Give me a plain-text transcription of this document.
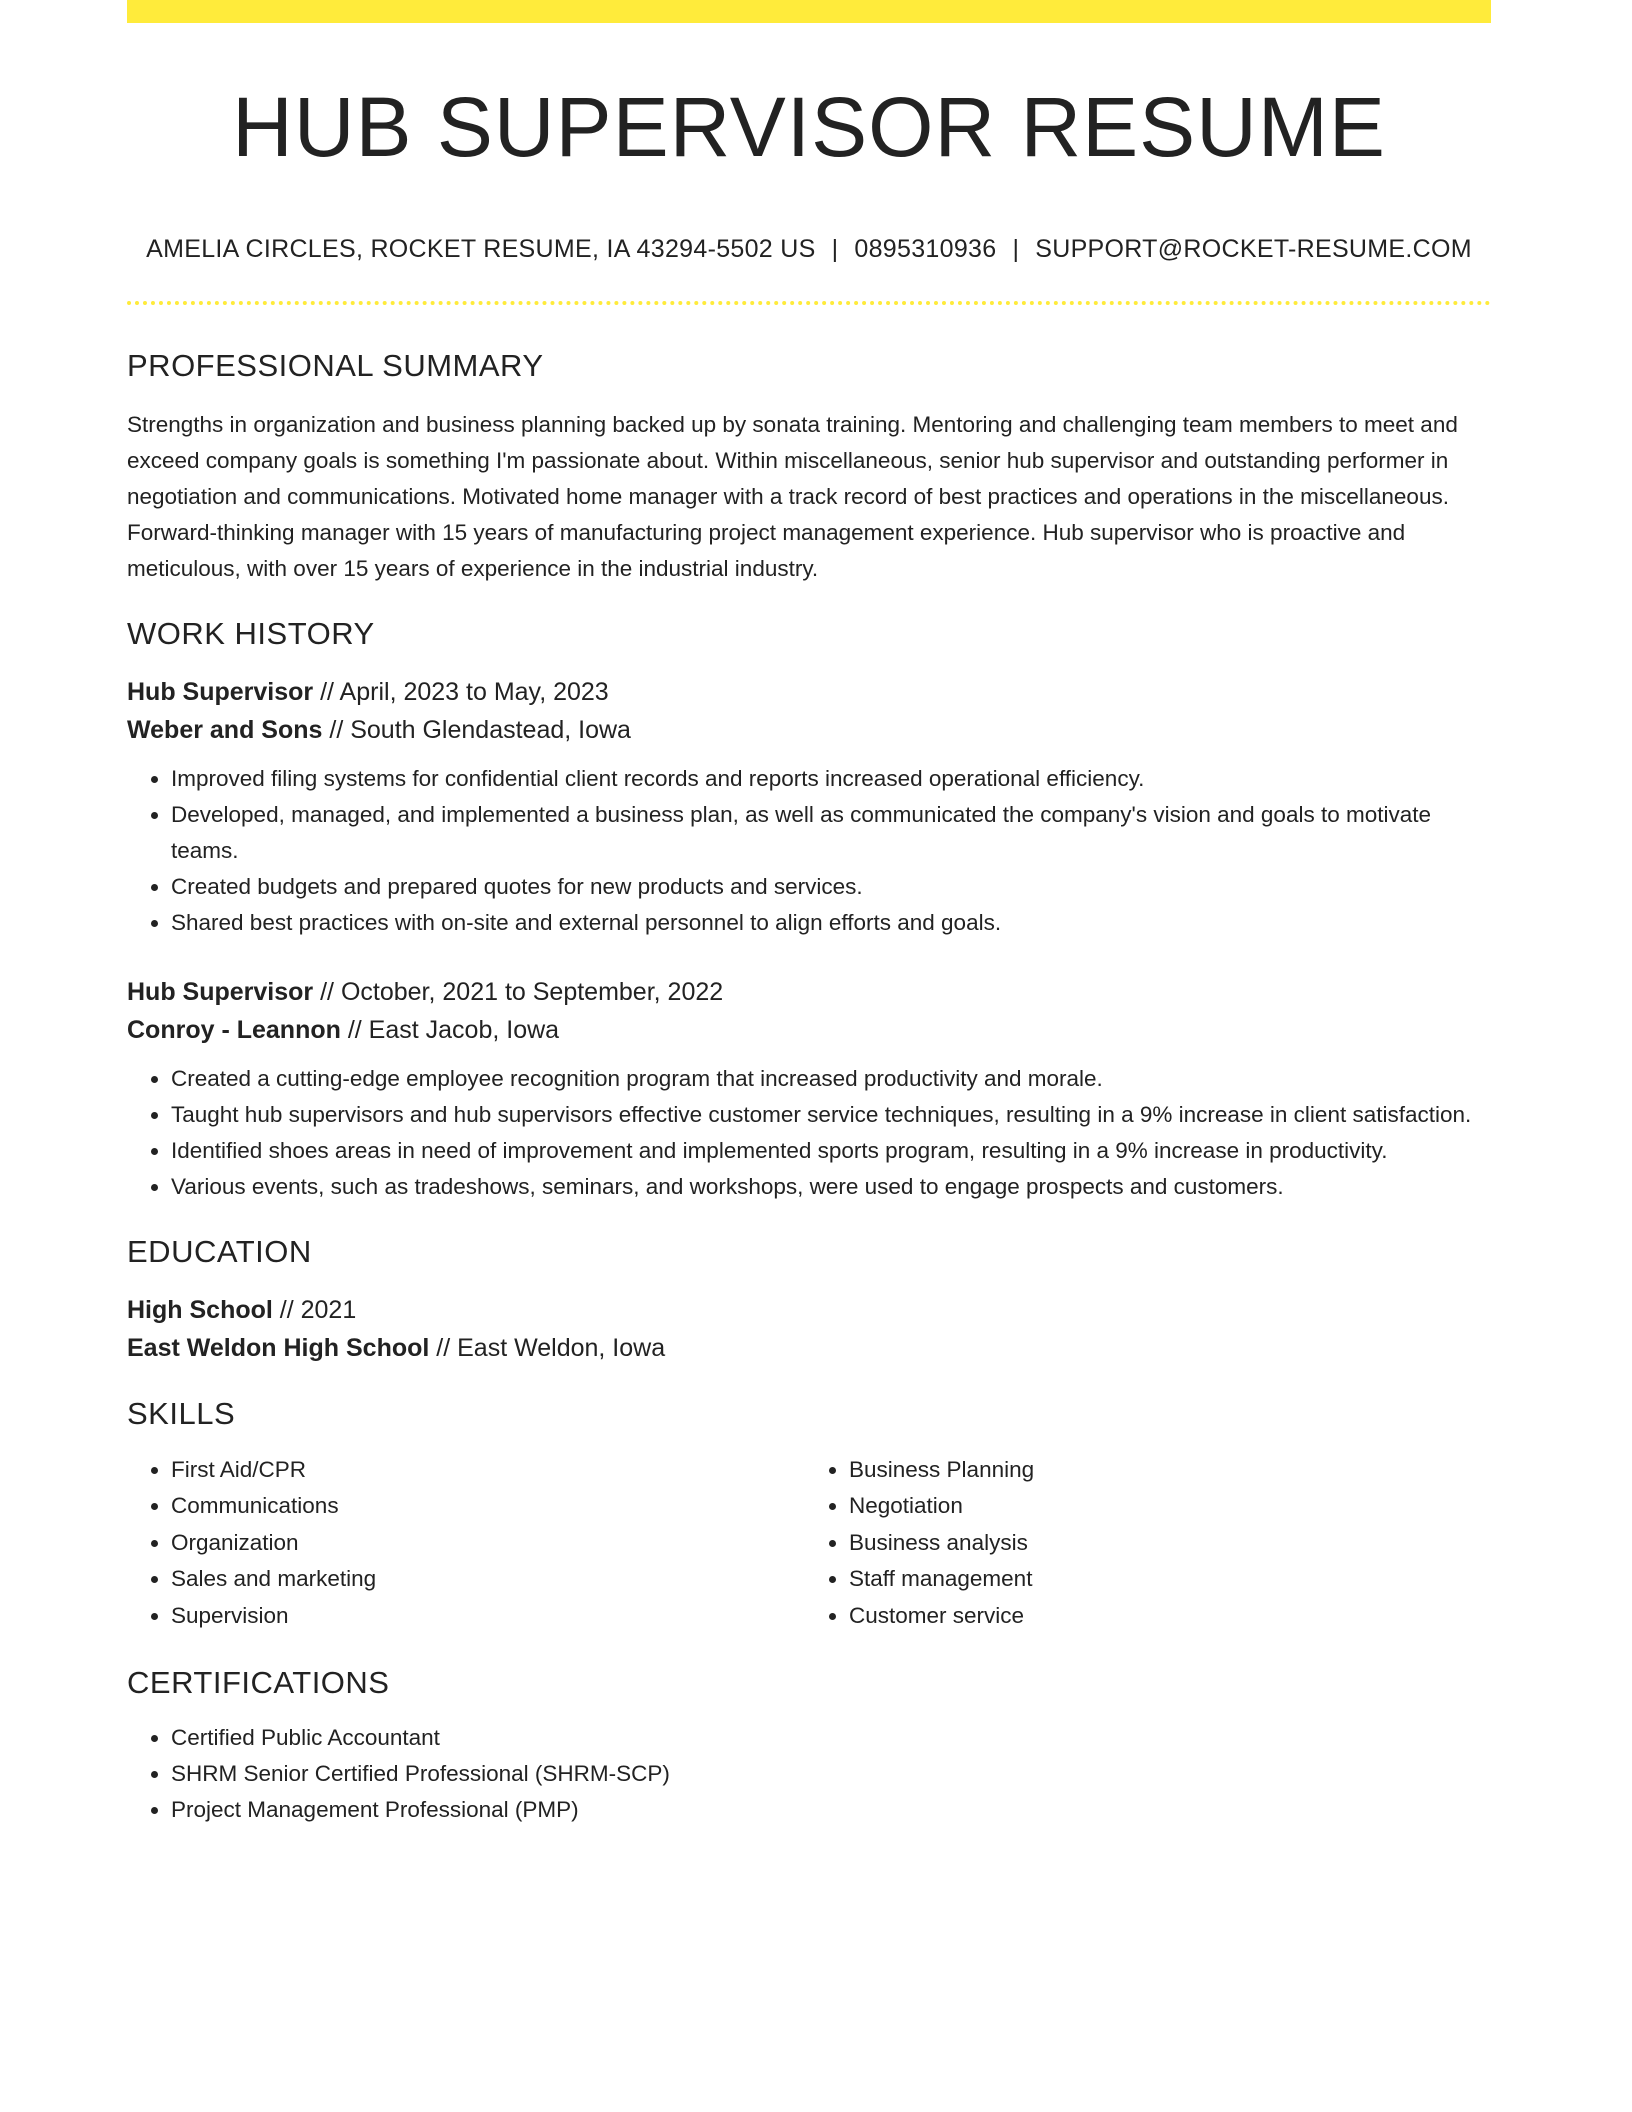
HUB SUPERVISOR RESUME
AMELIA CIRCLES, ROCKET RESUME, IA 43294-5502 US | 0895310936 | SUPPORT@ROCKET-RESUME.COM
PROFESSIONAL SUMMARY

Strengths in organization and business planning backed up by sonata training. Mentoring and challenging team members to meet and exceed company goals is something I'm passionate about. Within miscellaneous, senior hub supervisor and outstanding performer in negotiation and communications. Motivated home manager with a track record of best practices and operations in the miscellaneous. Forward-thinking manager with 15 years of manufacturing project management experience. Hub supervisor who is proactive and meticulous, with over 15 years of experience in the industrial industry.

WORK HISTORY
Hub Supervisor // April, 2023 to May, 2023
Weber and Sons // South Glendastead, Iowa
• Improved filing systems for confidential client records and reports increased operational efficiency.
• Developed, managed, and implemented a business plan, as well as communicated the company's vision and goals to motivate teams.
• Created budgets and prepared quotes for new products and services.
• Shared best practices with on-site and external personnel to align efforts and goals.
Hub Supervisor // October, 2021 to September, 2022
Conroy - Leannon // East Jacob, Iowa
• Created a cutting-edge employee recognition program that increased productivity and morale.
• Taught hub supervisors and hub supervisors effective customer service techniques, resulting in a 9% increase in client satisfaction.
• Identified shoes areas in need of improvement and implemented sports program, resulting in a 9% increase in productivity.
• Various events, such as tradeshows, seminars, and workshops, were used to engage prospects and customers.
EDUCATION
High School // 2021
East Weldon High School // East Weldon, Iowa
SKILLS
• First Aid/CPR
• Communications
• Organization
• Sales and marketing
• Supervision
• Business Planning
• Negotiation
• Business analysis
• Staff management
• Customer service
CERTIFICATIONS
• Certified Public Accountant
• SHRM Senior Certified Professional (SHRM-SCP)
• Project Management Professional (PMP)
